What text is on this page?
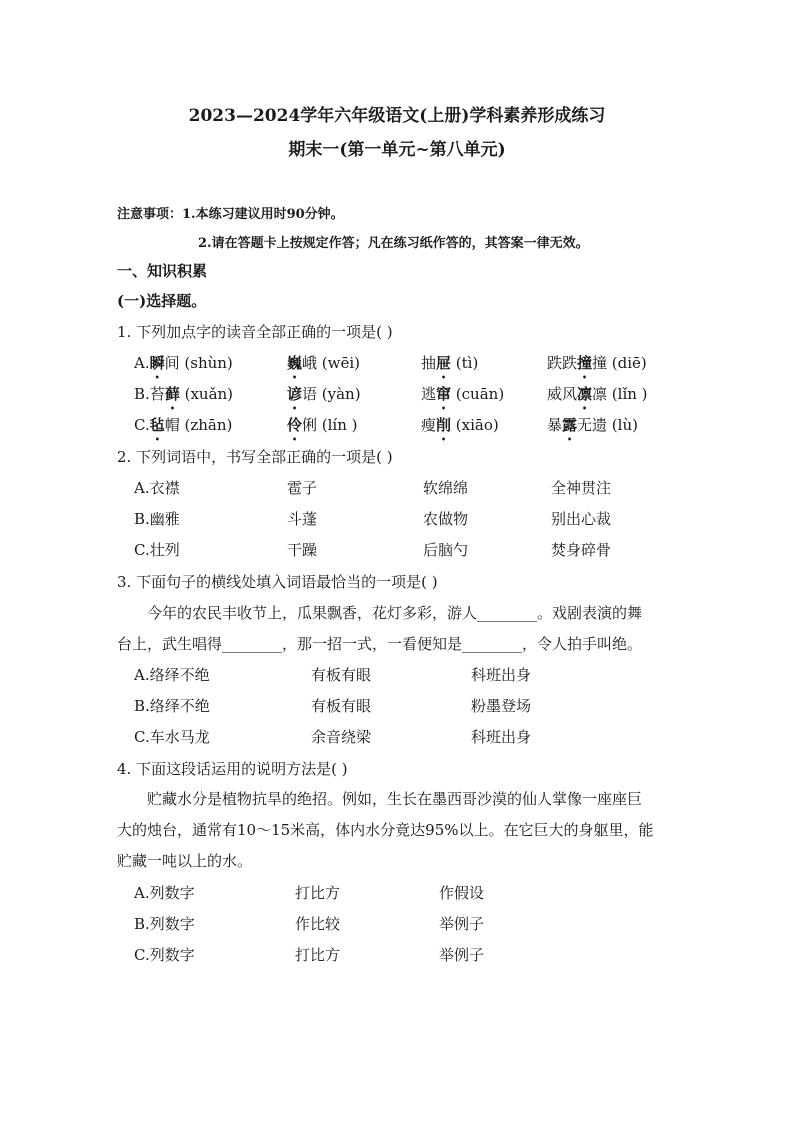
2023—2024学年六年级语文(上册)学科素养形成练习
期末一(第一单元~第八单元)
注意事项：1.本练习建议用时90分钟。
2.请在答题卡上按规定作答；凡在练习纸作答的，其答案一律无效。
一、知识积累
(一)选择题。
1. 下列加点字的读音全部正确的一项是( )
A.瞬间 (shùn)	巍峨 (wēi)	抽屉 (tì)	跌跌撞撞 (diē)
B.苔藓 (xuǎn)	谚语 (yàn)	逃窜 (cuān)	威风凛凛 (lǐn )
C.毡帽 (zhān)	伶俐 (lín )	瘦削 (xiāo)	暴露无遗 (lù)
2. 下列词语中，书写全部正确的一项是( )
A.衣襟	雹子	软绵绵	全神贯注
B.幽雅	斗蓬	农做物	别出心裁
C.壮列	干躁	后脑勺	焚身碎骨
3. 下面句子的横线处填入词语最恰当的一项是( )
今年的农民丰收节上，瓜果飘香，花灯多彩，游人________。戏剧表演的舞
台上，武生唱得________，那一招一式，一看便知是________，令人拍手叫绝。
A.络绎不绝	有板有眼	科班出身
B.络绎不绝	有板有眼	粉墨登场
C.车水马龙	余音绕梁	科班出身
4. 下面这段话运用的说明方法是( )
贮藏水分是植物抗旱的绝招。例如，生长在墨西哥沙漠的仙人掌像一座座巨
大的烛台，通常有10～15米高，体内水分竟达95%以上。在它巨大的身躯里，能
贮藏一吨以上的水。
A.列数字	打比方	作假设
B.列数字	作比较	举例子
C.列数字	打比方	举例子
